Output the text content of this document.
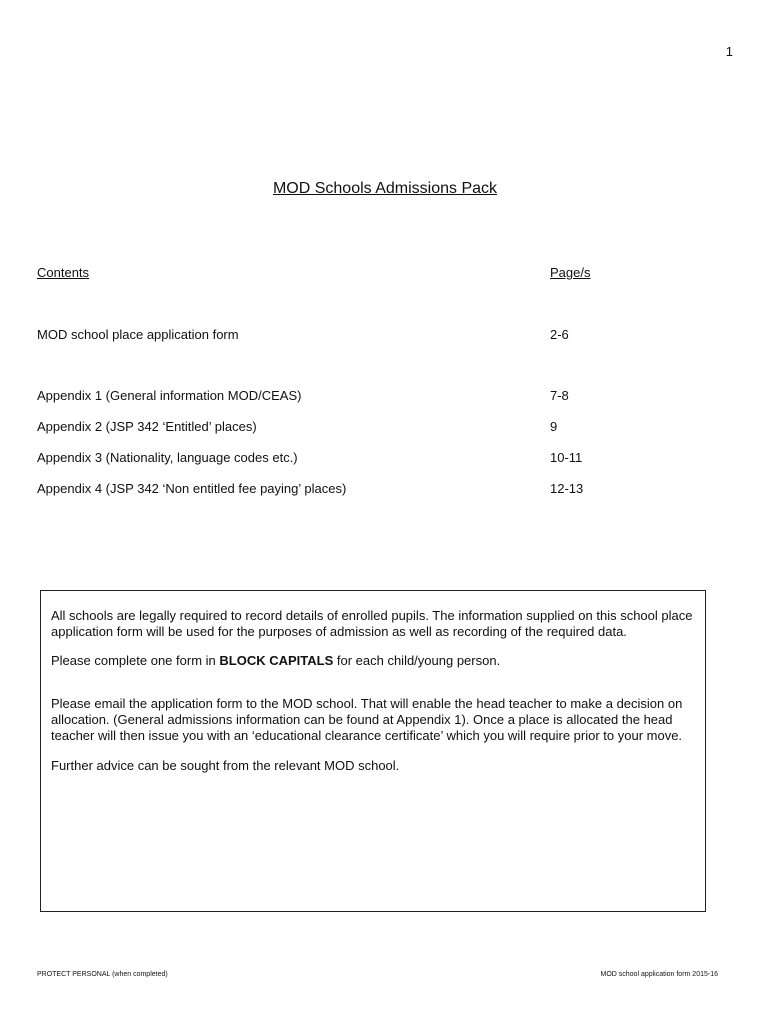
1
MOD Schools Admissions Pack
Contents	Page/s
MOD school place application form	2-6
Appendix 1 (General information MOD/CEAS)	7-8
Appendix 2 (JSP 342 ‘Entitled’ places)	9
Appendix 3 (Nationality, language codes etc.)	10-11
Appendix 4 (JSP 342 ‘Non entitled fee paying’ places)	12-13

All schools are legally required to record details of enrolled pupils. The information supplied on this school place application form will be used for the purposes of admission as well as recording of the required data.

Please complete one form in BLOCK CAPITALS for each child/young person.

Please email the application form to the MOD school. That will enable the head teacher to make a decision on allocation. (General admissions information can be found at Appendix 1). Once a place is allocated the head teacher will then issue you with an ‘educational clearance certificate’ which you will require prior to your move.

Further advice can be sought from the relevant MOD school.

PROTECT PERSONAL (when completed)	MOD school application form 2015-16
